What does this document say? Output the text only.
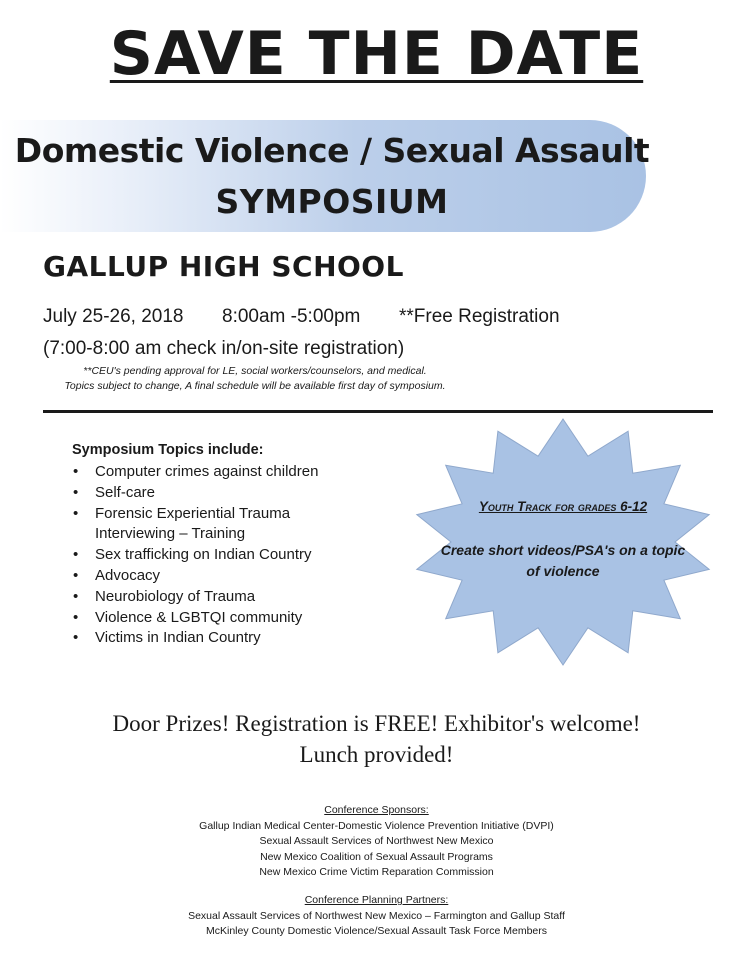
SAVE THE DATE
Domestic Violence / Sexual Assault
SYMPOSIUM
GALLUP HIGH SCHOOL
July 25-26, 2018 8:00am -5:00pm **Free Registration
(7:00-8:00 am check in/on-site registration)
**CEU's pending approval for LE, social workers/counselors, and medical.
Topics subject to change, A final schedule will be available first day of symposium.
Symposium Topics include:
• Computer crimes against children
• Self-care
• Forensic Experiential Trauma Interviewing – Training
• Sex trafficking on Indian Country
• Advocacy
• Neurobiology of Trauma
• Violence & LGBTQI community
• Victims in Indian Country
Youth Track for grades 6-12
Create short videos/PSA's on a topic of violence
Door Prizes! Registration is FREE! Exhibitor's welcome!
Lunch provided!
Conference Sponsors:
Gallup Indian Medical Center-Domestic Violence Prevention Initiative (DVPI)
Sexual Assault Services of Northwest New Mexico
New Mexico Coalition of Sexual Assault Programs
New Mexico Crime Victim Reparation Commission
Conference Planning Partners:
Sexual Assault Services of Northwest New Mexico – Farmington and Gallup Staff
McKinley County Domestic Violence/Sexual Assault Task Force Members
